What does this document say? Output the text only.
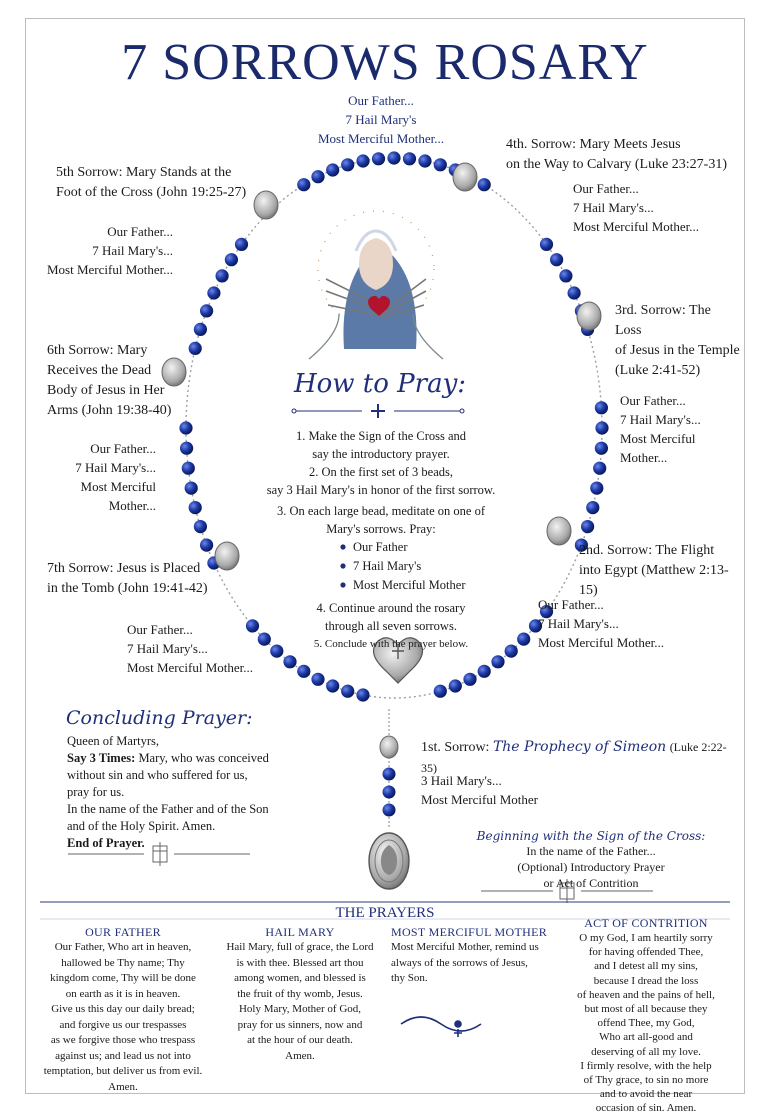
7 SORROWS ROSARY
Our Father...
7 Hail Mary's
Most Merciful Mother...	4th. Sorrow: Mary Meets Jesus
on the Way to Calvary (Luke 23:27-31)
Our Father...
7 Hail Mary's...
Most Merciful Mother...
5th Sorrow: Mary Stands at the
Foot of the Cross (John 19:25-27)
Our Father...
7 Hail Mary's...
Most Merciful Mother...
3rd. Sorrow: The Loss
of Jesus in the Temple
(Luke 2:41-52)
Our Father...
7 Hail Mary's...
Most Merciful Mother...
6th Sorrow: Mary
Receives the Dead
Body of Jesus in Her
Arms (John 19:38-40)
Our Father...
7 Hail Mary's...
Most Merciful Mother...
2nd. Sorrow: The Flight
into Egypt (Matthew 2:13-15)
Our Father...
7 Hail Mary's...
Most Merciful Mother...
7th Sorrow: Jesus is Placed
in the Tomb (John 19:41-42)
Our Father...
7 Hail Mary's...
Most Merciful Mother...
How to Pray:
1. Make the Sign of the Cross and
say the introductory prayer.
2. On the first set of 3 beads,
say 3 Hail Mary's in honor of the first sorrow.
3. On each large bead, meditate on one of
Mary's sorrows. Pray:
Our Father
7 Hail Mary's
Most Merciful Mother
4. Continue around the rosary
through all seven sorrows.
5. Conclude with the prayer below.
Concluding Prayer:
Queen of Martyrs,
Say 3 Times: Mary, who was conceived
without sin and who suffered for us,
pray for us.
In the name of the Father and of the Son
and of the Holy Spirit. Amen.
End of Prayer.
1st. Sorrow: The Prophecy of Simeon (Luke 2:22-35)
3 Hail Mary's...
Most Merciful Mother
Beginning with the Sign of the Cross:
In the name of the Father...
(Optional) Introductory Prayer
or Act of Contrition
THE PRAYERS
OUR FATHER
Our Father, Who art in heaven,
hallowed be Thy name; Thy
kingdom come, Thy will be done
on earth as it is in heaven.
Give us this day our daily bread;
and forgive us our trespasses
as we forgive those who trespass
against us; and lead us not into
temptation, but deliver us from evil.
Amen.
HAIL MARY
Hail Mary, full of grace, the Lord
is with thee. Blessed art thou
among women, and blessed is
the fruit of thy womb, Jesus.
Holy Mary, Mother of God,
pray for us sinners, now and
at the hour of our death.
Amen.
MOST MERCIFUL MOTHER
Most Merciful Mother, remind us
always of the sorrows of Jesus,
thy Son.
ACT OF CONTRITION
O my God, I am heartily sorry
for having offended Thee,
and I detest all my sins,
because I dread the loss
of heaven and the pains of hell,
but most of all because they
offend Thee, my God,
Who art all-good and
deserving of all my love.
I firmly resolve, with the help
of Thy grace, to sin no more
and to avoid the near
occasion of sin. Amen.
